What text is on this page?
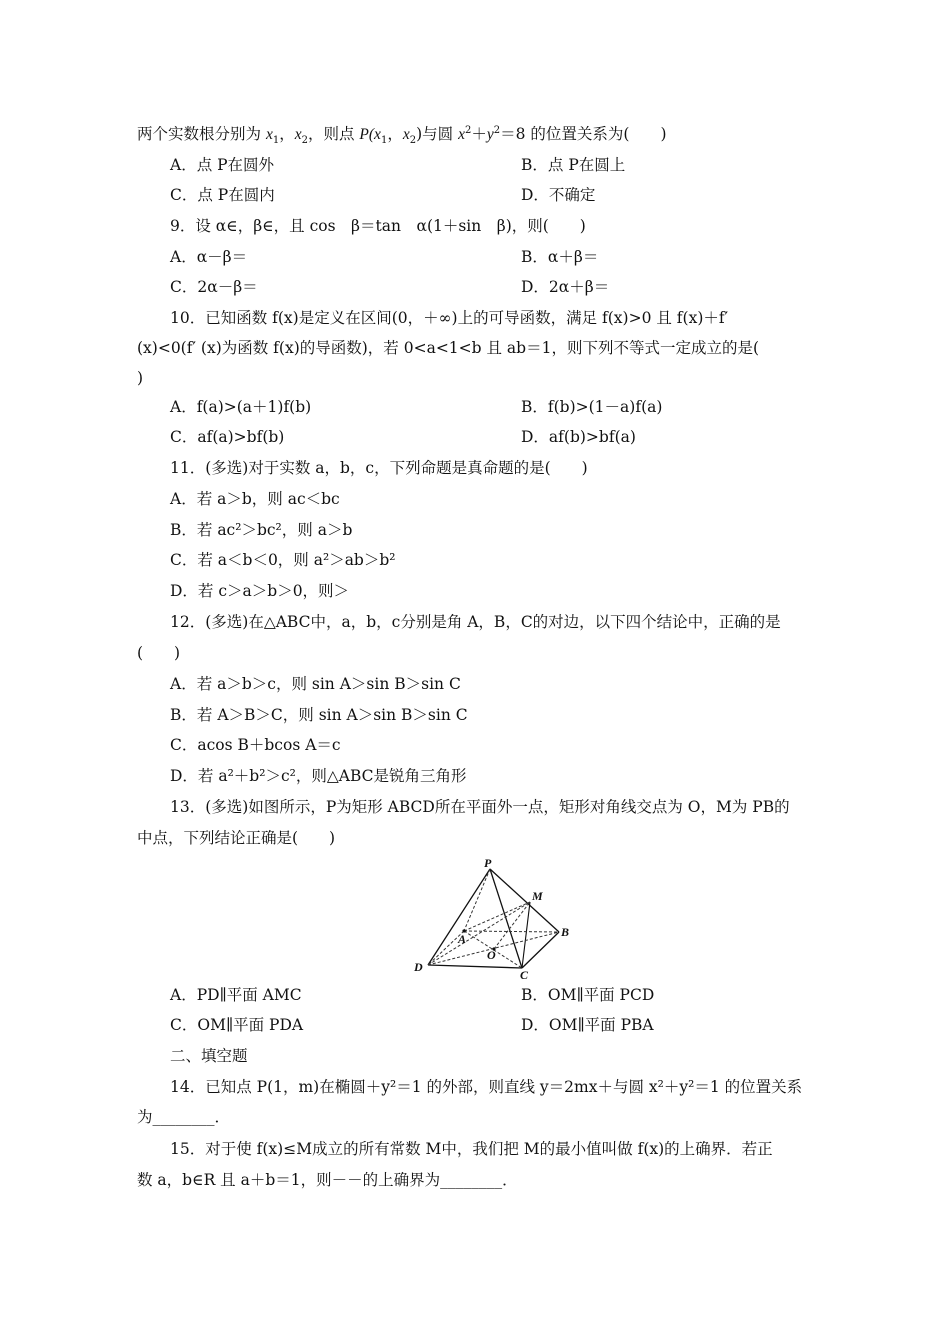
两个实数根分别为 $x_1$，$x_2$，则点 $P(x_1$，$x_2$)与圆 $x^2+y^2=8$ 的位置关系为(　　)
A．点 P在圆外	B．点 P在圆上
C．点 P在圆内	D．不确定
9．设 α∈，β∈，且 cos　β＝tan　α(1＋sin　β)，则(　　)
A．α－β＝	B．α＋β＝
C．2α－β＝	D．2α＋β＝
10．已知函数 f(x)是定义在区间(0，＋∞)上的可导函数，满足 f(x)>0 且 f(x)＋f′
(x)<0(f′ (x)为函数 f(x)的导函数)，若 0<a<1<b 且 ab＝1，则下列不等式一定成立的是(
)
A．f(a)>(a＋1)f(b)	B．f(b)>(1－a)f(a)
C．af(a)>bf(b)	D．af(b)>bf(a)
11．(多选)对于实数 a，b，c，下列命题是真命题的是(　　)
A．若 a＞b，则 ac＜bc
B．若 ac²＞bc²，则 a＞b
C．若 a＜b＜0，则 a²＞ab＞b²
D．若 c＞a＞b＞0，则＞
12．(多选)在△ABC中，a，b，c分别是角 A，B，C的对边，以下四个结论中，正确的是
(　　)
A．若 a＞b＞c，则 sin A＞sin B＞sin C
B．若 A＞B＞C，则 sin A＞sin B＞sin C
C．acos B＋bcos A＝c
D．若 a²＋b²＞c²，则△ABC是锐角三角形
13．(多选)如图所示，P为矩形 ABCD所在平面外一点，矩形对角线交点为 O，M为 PB的
中点，下列结论正确是(　　)
P
M
A	B
O
D
C
A．PD∥平面 AMC	B．OM∥平面 PCD
C．OM∥平面 PDA	D．OM∥平面 PBA
二、填空题
14．已知点 P(1，m)在椭圆＋y²＝1 的外部，则直线 y＝2mx＋与圆 x²＋y²＝1 的位置关系
为________．
15．对于使 f(x)≤M成立的所有常数 M中，我们把 M的最小值叫做 f(x)的上确界．若正
数 a，b∈R 且 a＋b＝1，则－－的上确界为________．
